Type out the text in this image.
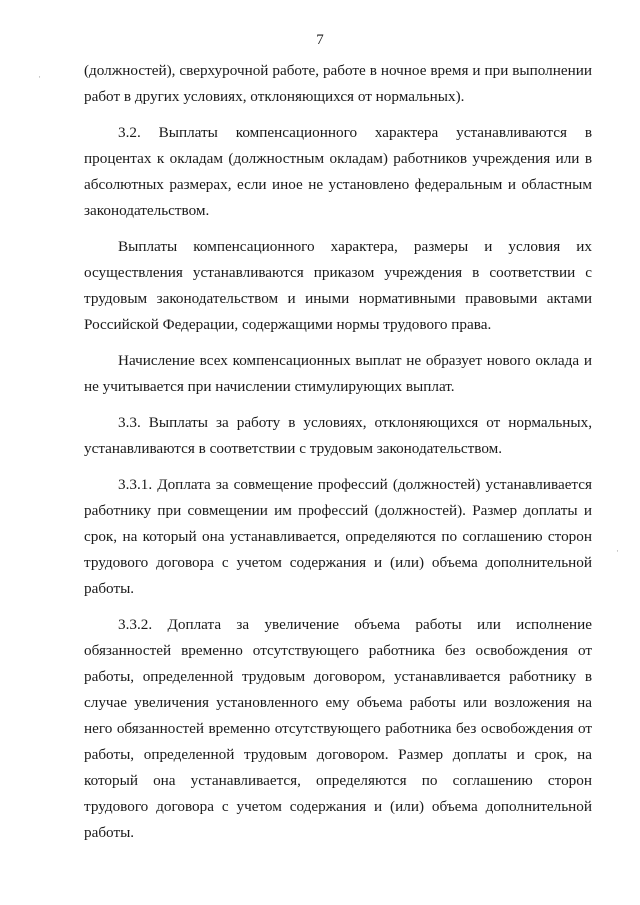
7
·
·

(должностей), сверхурочной работе, работе в ночное время и при выполнении работ в других условиях, отклоняющихся от нормальных).

3.2. Выплаты компенсационного характера устанавливаются в процентах к окладам (должностным окладам) работников учреждения или в абсолютных размерах, если иное не установлено федеральным и областным законодательством.

Выплаты компенсационного характера, размеры и условия их осуществления устанавливаются приказом учреждения в соответствии с трудовым законодательством и иными нормативными правовыми актами Российской Федерации, содержащими нормы трудового права.

Начисление всех компенсационных выплат не образует нового оклада и не учитывается при начислении стимулирующих выплат.

3.3. Выплаты за работу в условиях, отклоняющихся от нормальных, устанавливаются в соответствии с трудовым законодательством.

3.3.1. Доплата за совмещение профессий (должностей) устанавливается работнику при совмещении им профессий (должностей). Размер доплаты и срок, на который она устанавливается, определяются по соглашению сторон трудового договора с учетом содержания и (или) объема дополнительной работы.

3.3.2. Доплата за увеличение объема работы или исполнение обязанностей временно отсутствующего работника без освобождения от работы, определенной трудовым договором, устанавливается работнику в случае увеличения установленного ему объема работы или возложения на него обязанностей временно отсутствующего работника без освобождения от работы, определенной трудовым договором. Размер доплаты и срок, на который она устанавливается, определяются по соглашению сторон трудового договора с учетом содержания и (или) объема дополнительной работы.
